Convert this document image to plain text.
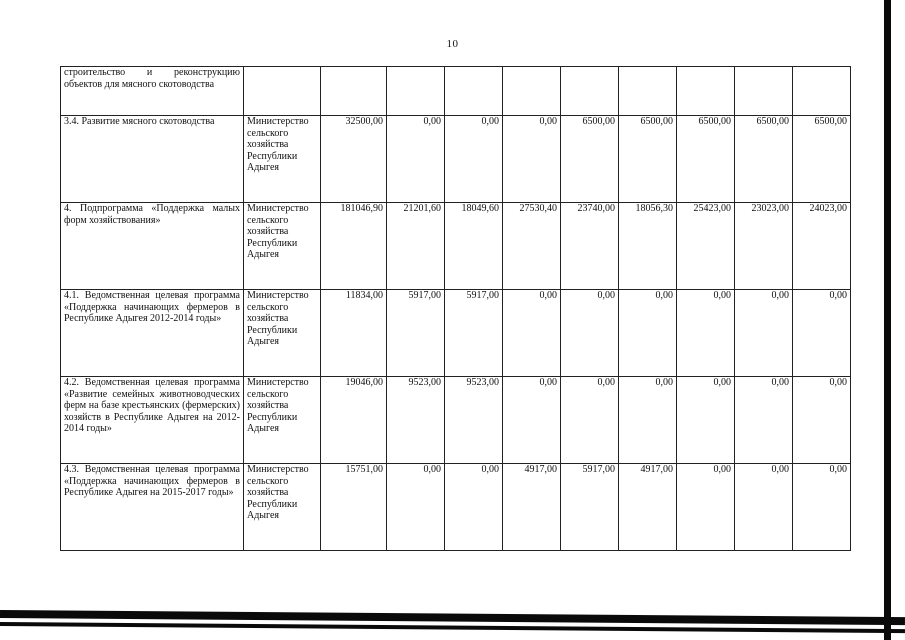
10
строительство и реконструкцию объектов для мясного скотоводства										
3.4. Развитие мясного скотоводства	Министерство сельского хозяйства Республики Адыгея	32500,00	0,00	0,00	0,00	6500,00	6500,00	6500,00	6500,00	6500,00
4. Подпрограмма «Поддержка малых форм хозяйствования»	Министерство сельского хозяйства Республики Адыгея	181046,90	21201,60	18049,60	27530,40	23740,00	18056,30	25423,00	23023,00	24023,00
4.1. Ведомственная целевая программа «Поддержка начинающих фермеров в Республике Адыгея 2012-2014 годы»	Министерство сельского хозяйства Республики Адыгея	11834,00	5917,00	5917,00	0,00	0,00	0,00	0,00	0,00	0,00
4.2. Ведомственная целевая программа «Развитие семейных животноводческих ферм на базе крестьянских (фермерских) хозяйств в Республике Адыгея на 2012-2014 годы»	Министерство сельского хозяйства Республики Адыгея	19046,00	9523,00	9523,00	0,00	0,00	0,00	0,00	0,00	0,00
4.3. Ведомственная целевая программа «Поддержка начинающих фермеров в Республике Адыгея на 2015-2017 годы»	Министерство сельского хозяйства Республики Адыгея	15751,00	0,00	0,00	4917,00	5917,00	4917,00	0,00	0,00	0,00
